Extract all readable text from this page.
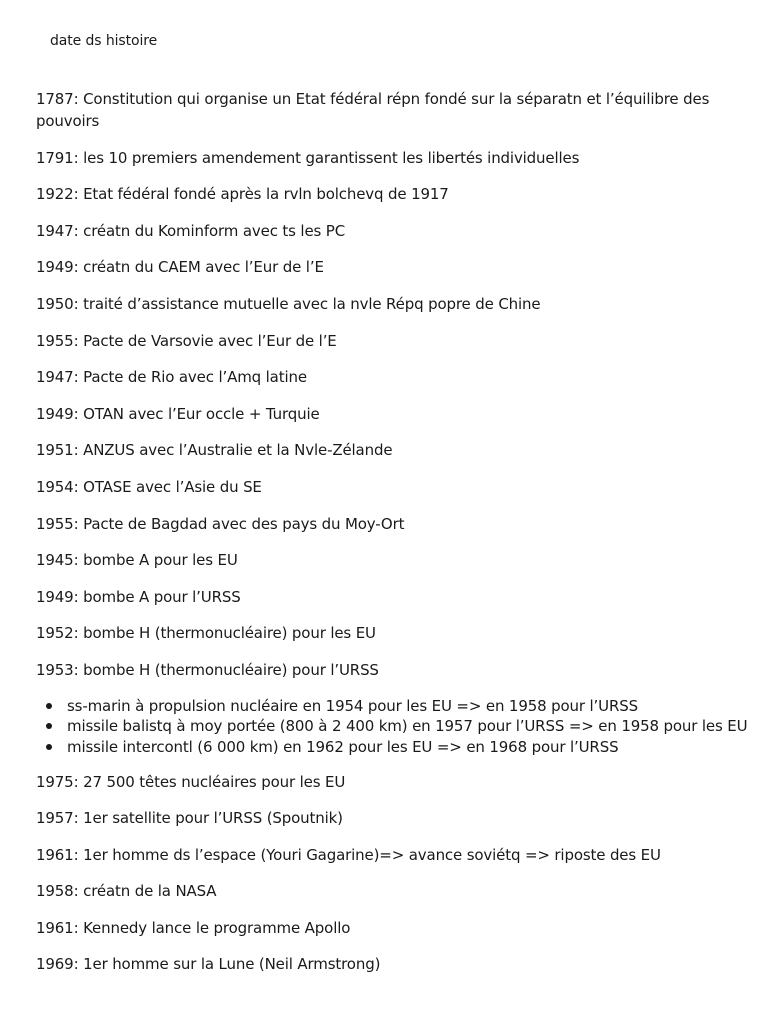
date ds histoire

1787: Constitution qui organise un Etat fédéral répn fondé sur la séparatn et l’équilibre des pouvoirs

1791: les 10 premiers amendement garantissent les libertés individuelles

1922: Etat fédéral fondé après la rvln bolchevq de 1917

1947: créatn du Kominform avec ts les PC

1949: créatn du CAEM avec l’Eur de l’E

1950: traité d’assistance mutuelle avec la nvle Répq popre de Chine

1955: Pacte de Varsovie avec l’Eur de l’E

1947: Pacte de Rio avec l’Amq latine

1949: OTAN avec l’Eur occle + Turquie

1951: ANZUS avec l’Australie et la Nvle-Zélande

1954: OTASE avec l’Asie du SE

1955: Pacte de Bagdad avec des pays du Moy-Ort

1945: bombe A pour les EU

1949: bombe A pour l’URSS

1952: bombe H (thermonucléaire) pour les EU

1953: bombe H (thermonucléaire) pour l’URSS

ss-marin à propulsion nucléaire en 1954 pour les EU => en 1958 pour l’URSS
missile balistq à moy portée (800 à 2 400 km) en 1957 pour l’URSS => en 1958 pour les EU
missile intercontl (6 000 km) en 1962 pour les EU => en 1968 pour l’URSS

1975: 27 500 têtes nucléaires pour les EU

1957: 1er satellite pour l’URSS (Spoutnik)

1961: 1er homme ds l’espace (Youri Gagarine)=> avance soviétq => riposte des EU

1958: créatn de la NASA

1961: Kennedy lance le programme Apollo

1969: 1er homme sur la Lune (Neil Armstrong)
